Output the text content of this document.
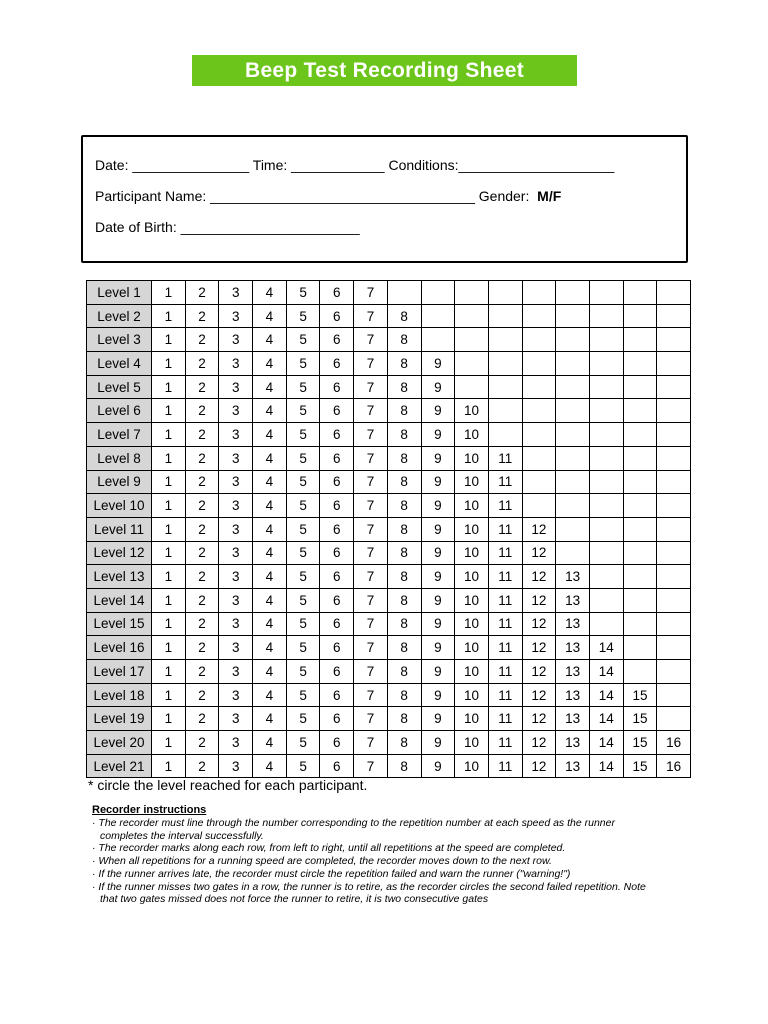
Beep Test Recording Sheet
Date: _______________ Time: ____________ Conditions:____________________
Participant Name: __________________________________ Gender:  M/F
Date of Birth: _______________________
Level 1	1	2	3	4	5	6	7									
Level 2	1	2	3	4	5	6	7	8								
Level 3	1	2	3	4	5	6	7	8								
Level 4	1	2	3	4	5	6	7	8	9							
Level 5	1	2	3	4	5	6	7	8	9							
Level 6	1	2	3	4	5	6	7	8	9	10						
Level 7	1	2	3	4	5	6	7	8	9	10						
Level 8	1	2	3	4	5	6	7	8	9	10	11					
Level 9	1	2	3	4	5	6	7	8	9	10	11					
Level 10	1	2	3	4	5	6	7	8	9	10	11					
Level 11	1	2	3	4	5	6	7	8	9	10	11	12				
Level 12	1	2	3	4	5	6	7	8	9	10	11	12				
Level 13	1	2	3	4	5	6	7	8	9	10	11	12	13			
Level 14	1	2	3	4	5	6	7	8	9	10	11	12	13			
Level 15	1	2	3	4	5	6	7	8	9	10	11	12	13			
Level 16	1	2	3	4	5	6	7	8	9	10	11	12	13	14		
Level 17	1	2	3	4	5	6	7	8	9	10	11	12	13	14		
Level 18	1	2	3	4	5	6	7	8	9	10	11	12	13	14	15	
Level 19	1	2	3	4	5	6	7	8	9	10	11	12	13	14	15	
Level 20	1	2	3	4	5	6	7	8	9	10	11	12	13	14	15	16
Level 21	1	2	3	4	5	6	7	8	9	10	11	12	13	14	15	16
* circle the level reached for each participant.
Recorder instructions
· The recorder must line through the number corresponding to the repetition number at each speed as the runner completes the interval successfully.
· The recorder marks along each row, from left to right, until all repetitions at the speed are completed.
· When all repetitions for a running speed are completed, the recorder moves down to the next row.
· If the runner arrives late, the recorder must circle the repetition failed and warn the runner ("warning!")
· If the runner misses two gates in a row, the runner is to retire, as the recorder circles the second failed repetition. Note that two gates missed does not force the runner to retire, it is two consecutive gates
